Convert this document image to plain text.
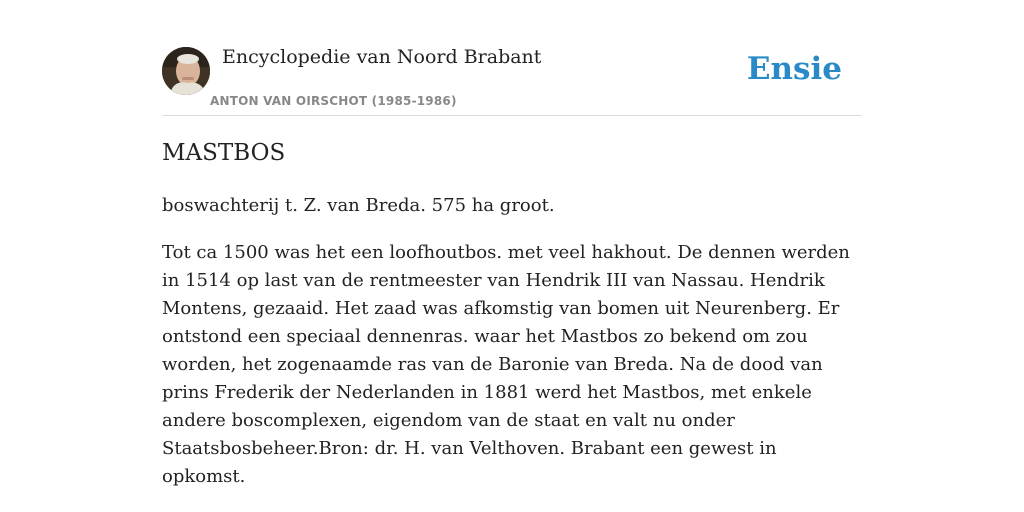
Encyclopedie van Noord Brabant
ANTON VAN OIRSCHOT (1985-1986)
Ensie
MASTBOS

boswachterij t. Z. van Breda. 575 ha groot.

Tot ca 1500 was het een loofhoutbos. met veel hakhout. De dennen werden in 1514 op last van de rentmeester van Hendrik III van Nassau. Hendrik Montens, gezaaid. Het zaad was afkomstig van bomen uit Neurenberg. Er ontstond een speciaal dennenras. waar het Mastbos zo bekend om zou worden, het zogenaamde ras van de Baronie van Breda. Na de dood van prins Frederik der Nederlanden in 1881 werd het Mastbos, met enkele andere boscomplexen, eigendom van de staat en valt nu onder Staatsbosbeheer.Bron: dr. H. van Velthoven. Brabant een gewest in opkomst.
